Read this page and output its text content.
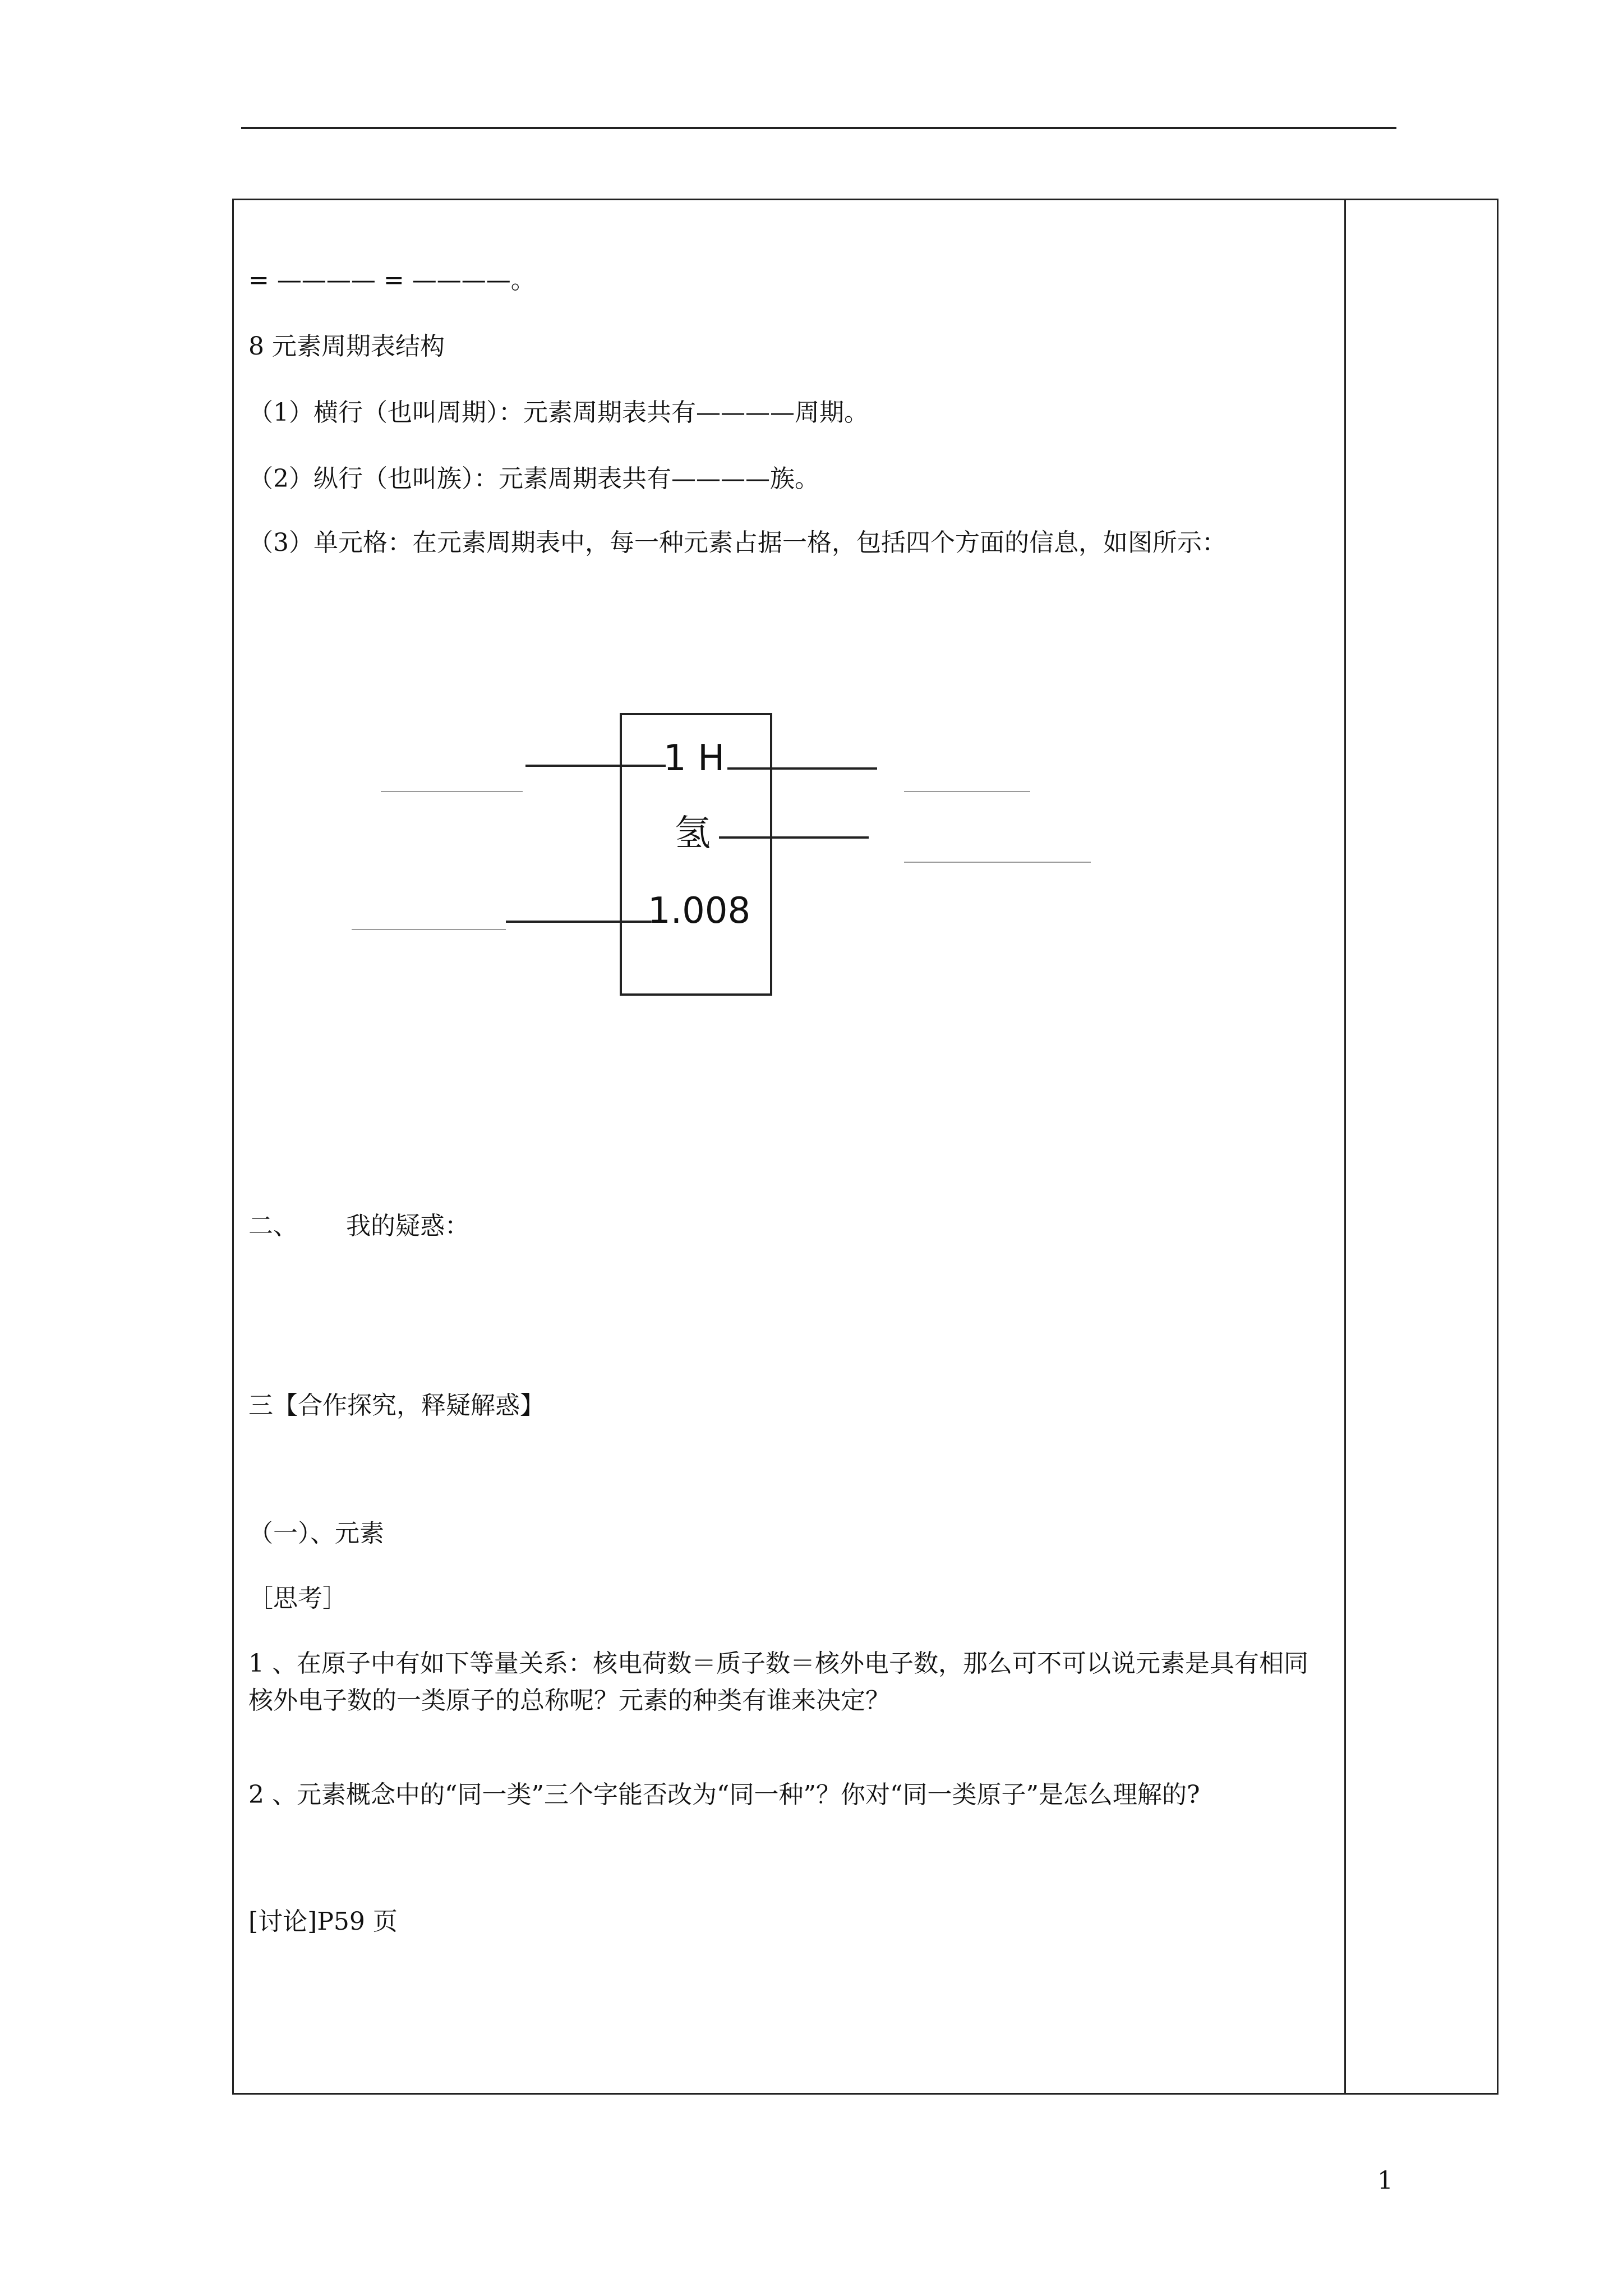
= ———— = ————。
8 元素周期表结构
（1）横行（也叫周期）：元素周期表共有————周期。
（2）纵行（也叫族）：元素周期表共有————族。
（3）单元格：在元素周期表中，每一种元素占据一格，包括四个方面的信息，如图所示：
1 H
氢
1.008
二、 我的疑惑：
三【合作探究，释疑解惑】
（一）、元素
［思考］
1 、在原子中有如下等量关系：核电荷数＝质子数＝核外电子数，那么可不可以说元素是具有相同核外电子数的一类原子的总称呢？元素的种类有谁来决定？
2 、元素概念中的“同一类”三个字能否改为“同一种”？你对“同一类原子”是怎么理解的?
[讨论]P59 页
1
